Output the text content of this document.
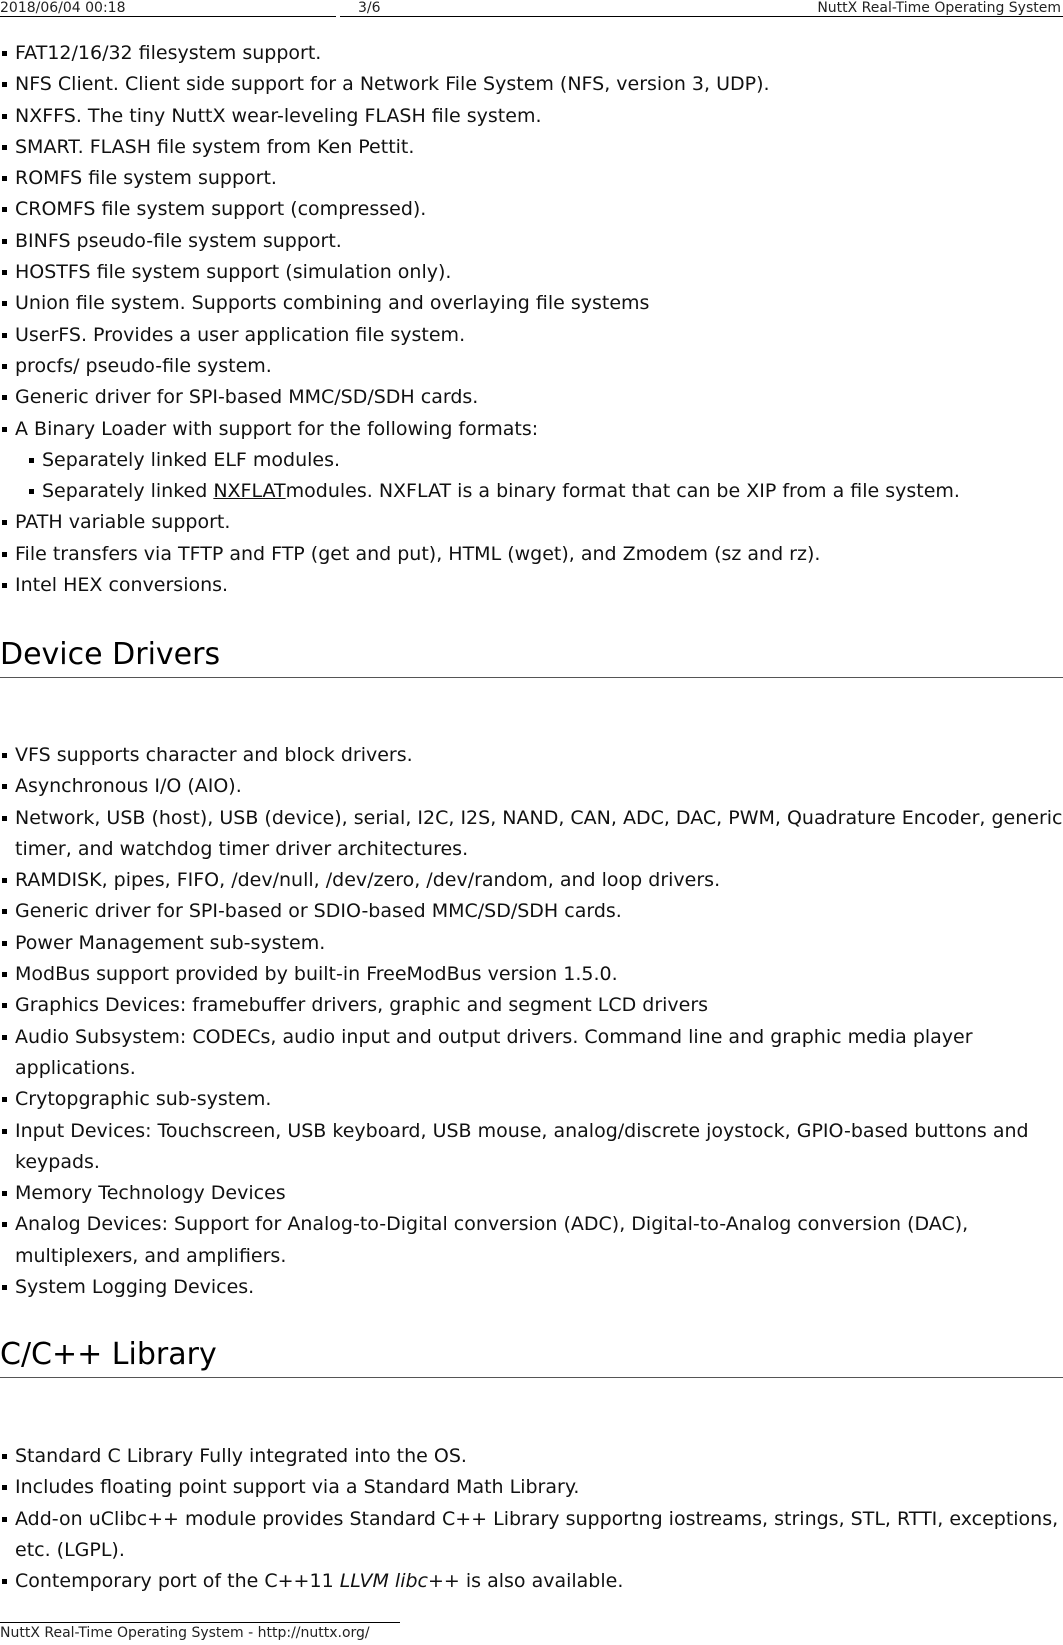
2018/06/04 00:18	3/6	NuttX Real-Time Operating System
FAT12/16/32 filesystem support.
NFS Client. Client side support for a Network File System (NFS, version 3, UDP).
NXFFS. The tiny NuttX wear-leveling FLASH file system.
SMART. FLASH file system from Ken Pettit.
ROMFS file system support.
CROMFS file system support (compressed).
BINFS pseudo-file system support.
HOSTFS file system support (simulation only).
Union file system. Supports combining and overlaying file systems
UserFS. Provides a user application file system.
procfs/ pseudo-file system.
Generic driver for SPI-based MMC/SD/SDH cards.
A Binary Loader with support for the following formats:
Separately linked ELF modules.
Separately linked NXFLATmodules. NXFLAT is a binary format that can be XIP from a file system.
PATH variable support.
File transfers via TFTP and FTP (get and put), HTML (wget), and Zmodem (sz and rz).
Intel HEX conversions.
Device Drivers
VFS supports character and block drivers.
Asynchronous I/O (AIO).
Network, USB (host), USB (device), serial, I2C, I2S, NAND, CAN, ADC, DAC, PWM, Quadrature Encoder, generic timer, and watchdog timer driver architectures.
RAMDISK, pipes, FIFO, /dev/null, /dev/zero, /dev/random, and loop drivers.
Generic driver for SPI-based or SDIO-based MMC/SD/SDH cards.
Power Management sub-system.
ModBus support provided by built-in FreeModBus version 1.5.0.
Graphics Devices: framebuffer drivers, graphic and segment LCD drivers
Audio Subsystem: CODECs, audio input and output drivers. Command line and graphic media player applications.
Crytopgraphic sub-system.
Input Devices: Touchscreen, USB keyboard, USB mouse, analog/discrete joystock, GPIO-based buttons and keypads.
Memory Technology Devices
Analog Devices: Support for Analog-to-Digital conversion (ADC), Digital-to-Analog conversion (DAC), multiplexers, and amplifiers.
System Logging Devices.
C/C++ Library
Standard C Library Fully integrated into the OS.
Includes floating point support via a Standard Math Library.
Add-on uClibc++ module provides Standard C++ Library supportng iostreams, strings, STL, RTTI, exceptions, etc. (LGPL).
Contemporary port of the C++11 LLVM libc++ is also available.
NuttX Real-Time Operating System - http://nuttx.org/
